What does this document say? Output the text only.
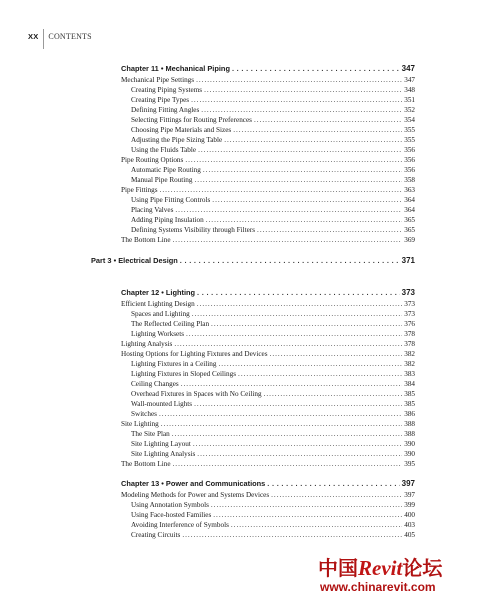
XX CONTENTS
Chapter 11 • Mechanical Piping . . .	347
Mechanical Pipe Settings . . .	347
Creating Piping Systems . . .	348
Creating Pipe Types . . .	351
Defining Fitting Angles . . .	352
Selecting Fittings for Routing Preferences . . .	354
Choosing Pipe Materials and Sizes . . .	355
Adjusting the Pipe Sizing Table . . .	355
Using the Fluids Table . . .	356
Pipe Routing Options . . .	356
Automatic Pipe Routing . . .	356
Manual Pipe Routing . . .	358
Pipe Fittings . . .	363
Using Pipe Fitting Controls . . .	364
Placing Valves . . .	364
Adding Piping Insulation . . .	365
Defining Systems Visibility through Filters . . .	365
The Bottom Line . . .	369
Part 3 • Electrical Design . . .	371
Chapter 12 • Lighting . . .	373
Efficient Lighting Design . . .	373
Spaces and Lighting . . .	373
The Reflected Ceiling Plan . . .	376
Lighting Worksets . . .	378
Lighting Analysis . . .	378
Hosting Options for Lighting Fixtures and Devices . . .	382
Lighting Fixtures in a Ceiling . . .	382
Lighting Fixtures in Sloped Ceilings . . .	383
Ceiling Changes . . .	384
Overhead Fixtures in Spaces with No Ceiling . . .	385
Wall-mounted Lights . . .	385
Switches . . .	386
Site Lighting . . .	388
The Site Plan . . .	388
Site Lighting Layout . . .	390
Site Lighting Analysis . . .	390
The Bottom Line . . .	395
Chapter 13 • Power and Communications . . .	397
Modeling Methods for Power and Systems Devices . . .	397
Using Annotation Symbols . . .	399
Using Face-hosted Families . . .	400
Avoiding Interference of Symbols . . .	403
Creating Circuits . . .	405
中国Revit论坛
www.chinarevit.com
